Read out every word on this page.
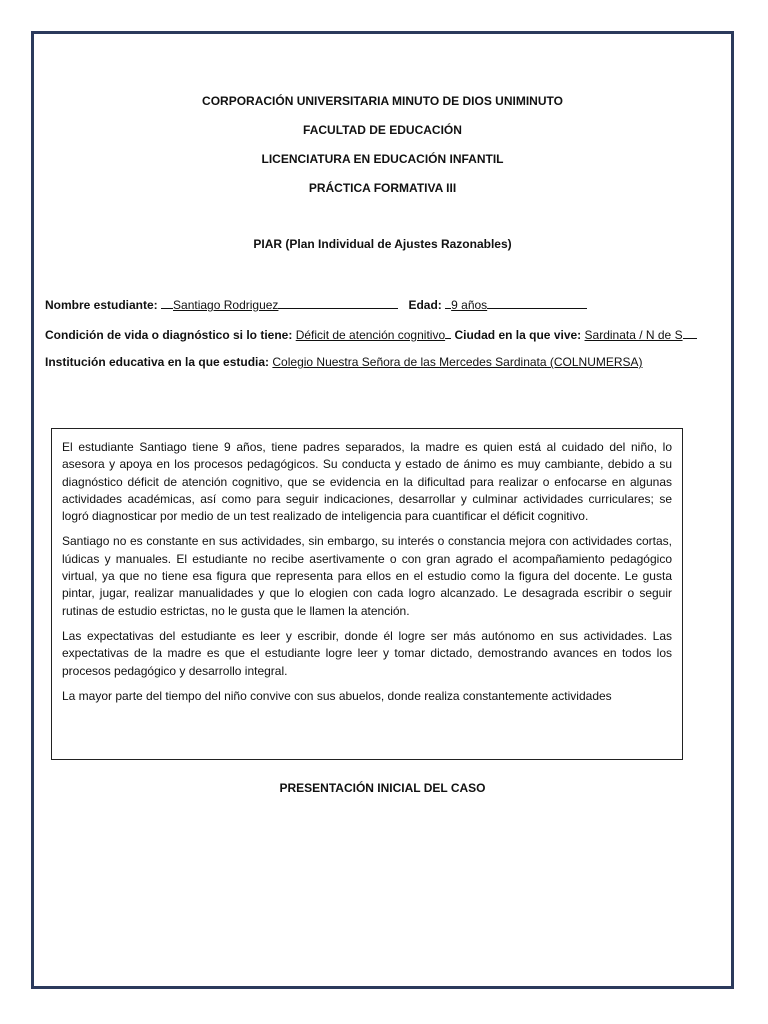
CORPORACIÓN UNIVERSITARIA MINUTO DE DIOS UNIMINUTO
FACULTAD DE EDUCACIÓN
LICENCIATURA EN EDUCACIÓN INFANTIL
PRÁCTICA FORMATIVA III
PIAR (Plan Individual de Ajustes Razonables)
Nombre estudiante: Santiago Rodriguez	Edad: 9 años
Condición de vida o diagnóstico si lo tiene: Déficit de atención cognitivo Ciudad en la que vive: Sardinata / N de S
Institución educativa en la que estudia: Colegio Nuestra Señora de las Mercedes Sardinata (COLNUMERSA)

El estudiante Santiago tiene 9 años, tiene padres separados, la madre es quien está al cuidado del niño, lo asesora y apoya en los procesos pedagógicos. Su conducta y estado de ánimo es muy cambiante, debido a su diagnóstico déficit de atención cognitivo, que se evidencia en la dificultad para realizar o enfocarse en algunas actividades académicas, así como para seguir indicaciones, desarrollar y culminar actividades curriculares; se logró diagnosticar por medio de un test realizado de inteligencia para cuantificar el déficit cognitivo.

Santiago no es constante en sus actividades, sin embargo, su interés o constancia mejora con actividades cortas, lúdicas y manuales. El estudiante no recibe asertivamente o con gran agrado el acompañamiento pedagógico virtual, ya que no tiene esa figura que representa para ellos en el estudio como la figura del docente. Le gusta pintar, jugar, realizar manualidades y que lo elogien con cada logro alcanzado. Le desagrada escribir o seguir rutinas de estudio estrictas, no le gusta que le llamen la atención.

Las expectativas del estudiante es leer y escribir, donde él logre ser más autónomo en sus actividades. Las expectativas de la madre es que el estudiante logre leer y tomar dictado, demostrando avances en todos los procesos pedagógico y desarrollo integral.

La mayor parte del tiempo del niño convive con sus abuelos, donde realiza constantemente actividades

PRESENTACIÓN INICIAL DEL CASO
